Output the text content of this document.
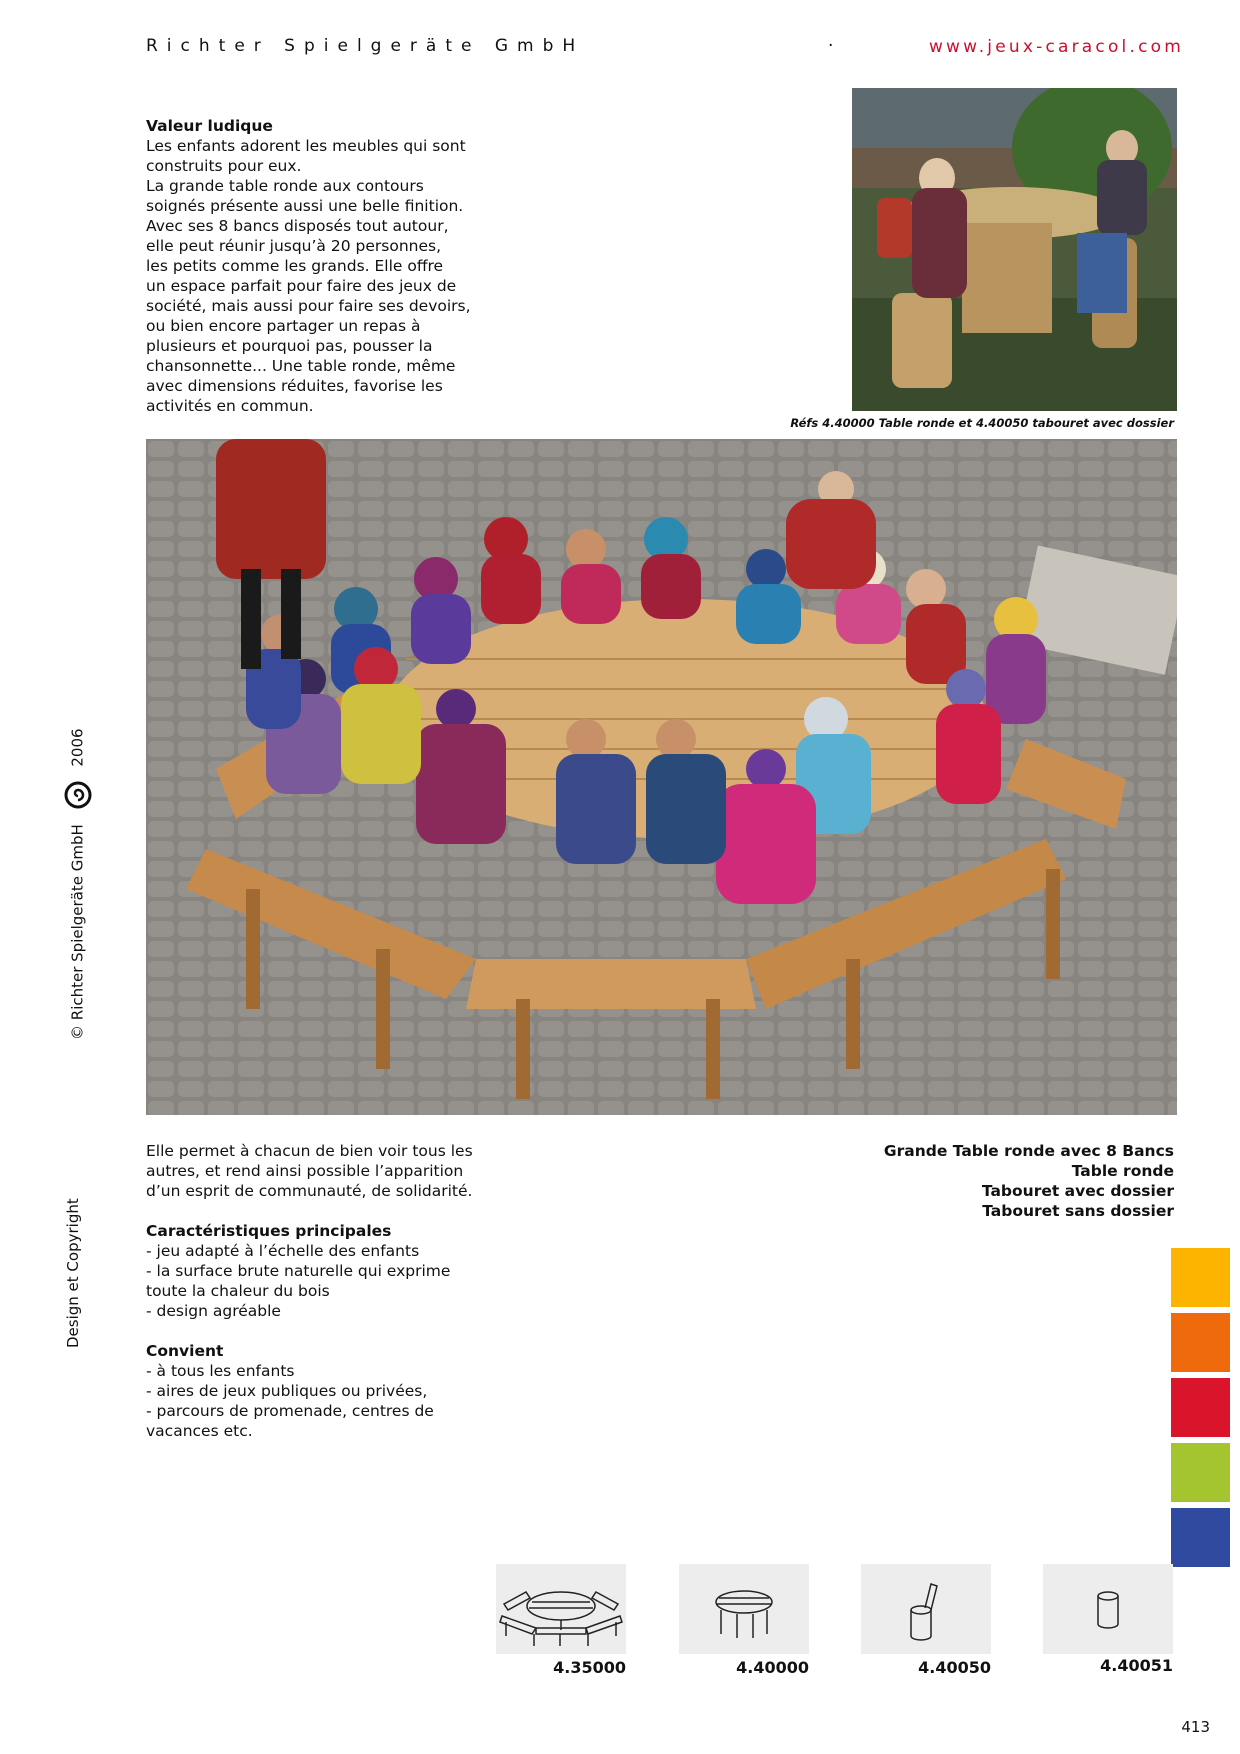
Richter Spielgeräte GmbH	·	www.jeux-caracol.com
Valeur ludique

Les enfants adorent les meubles qui sont

construits pour eux.

La grande table ronde aux contours

soignés présente aussi une belle finition.

Avec ses 8 bancs disposés tout autour,

elle peut réunir jusqu’à 20 personnes,

les petits comme les grands. Elle offre

un espace parfait pour faire des jeux de

société, mais aussi pour faire ses devoirs,

ou bien encore partager un repas à

plusieurs et pourquoi pas, pousser la

chansonnette... Une table ronde, même

avec dimensions réduites, favorise les

activités en commun.

Réfs 4.40000 Table ronde et 4.40050 tabouret avec dossier

Elle permet à chacun de bien voir tous les

autres, et rend ainsi possible l’apparition

d’un esprit de communauté, de solidarité.

Caractéristiques principales
- jeu adapté à l’échelle des enfants
- la surface brute naturelle qui exprime
toute la chaleur du bois
- design agréable
Convient
- à tous les enfants
- aires de jeux publiques ou privées,
- parcours de promenade, centres de
vacances etc.
Grande Table ronde avec 8 Bancs
Table ronde
Tabouret avec dossier
Tabouret sans dossier
© Richter Spielgeräte GmbH  2006
Design et Copyright
4.35000	4.40000	4.40050	4.40051
413
